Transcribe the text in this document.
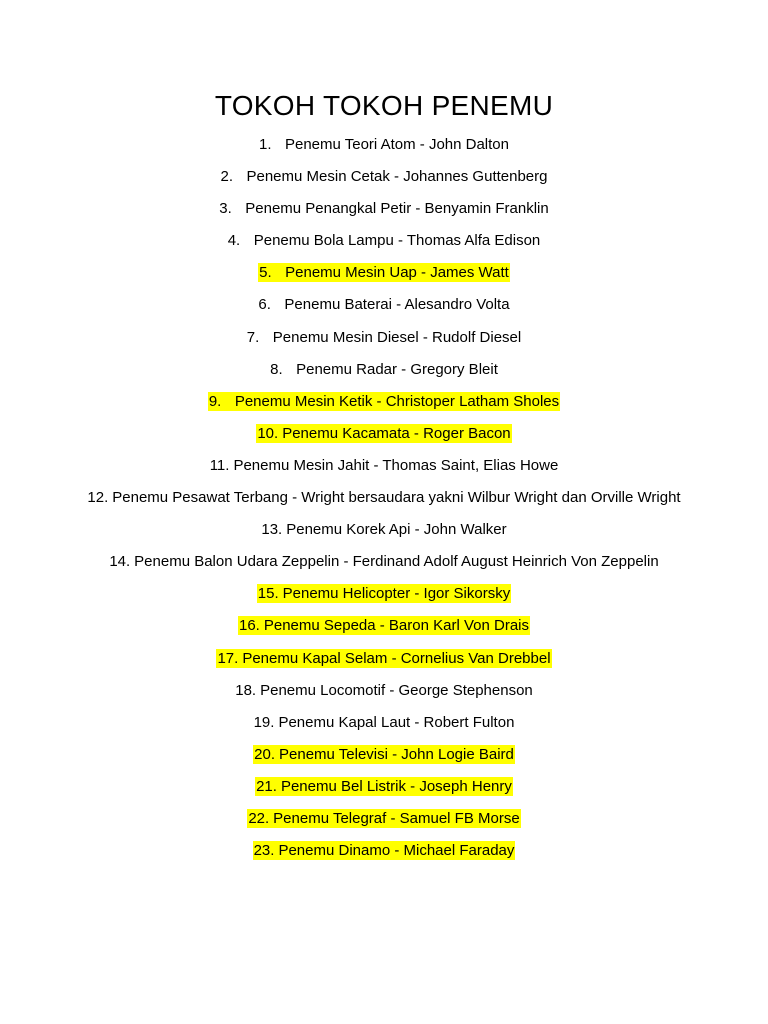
TOKOH TOKOH PENEMU
1. Penemu Teori Atom - John Dalton
2. Penemu Mesin Cetak - Johannes Guttenberg
3. Penemu Penangkal Petir - Benyamin Franklin
4. Penemu Bola Lampu - Thomas Alfa Edison
5. Penemu Mesin Uap - James Watt
6. Penemu Baterai - Alesandro Volta
7. Penemu Mesin Diesel - Rudolf Diesel
8. Penemu Radar - Gregory Bleit
9. Penemu Mesin Ketik - Christoper Latham Sholes
10. Penemu Kacamata - Roger Bacon
11. Penemu Mesin Jahit - Thomas Saint, Elias Howe
12. Penemu Pesawat Terbang - Wright bersaudara yakni Wilbur Wright dan Orville Wright
13. Penemu Korek Api - John Walker
14. Penemu Balon Udara Zeppelin - Ferdinand Adolf August Heinrich Von Zeppelin
15. Penemu Helicopter - Igor Sikorsky
16. Penemu Sepeda - Baron Karl Von Drais
17. Penemu Kapal Selam - Cornelius Van Drebbel
18. Penemu Locomotif - George Stephenson
19. Penemu Kapal Laut - Robert Fulton
20. Penemu Televisi - John Logie Baird
21. Penemu Bel Listrik - Joseph Henry
22. Penemu Telegraf - Samuel FB Morse
23. Penemu Dinamo - Michael Faraday
